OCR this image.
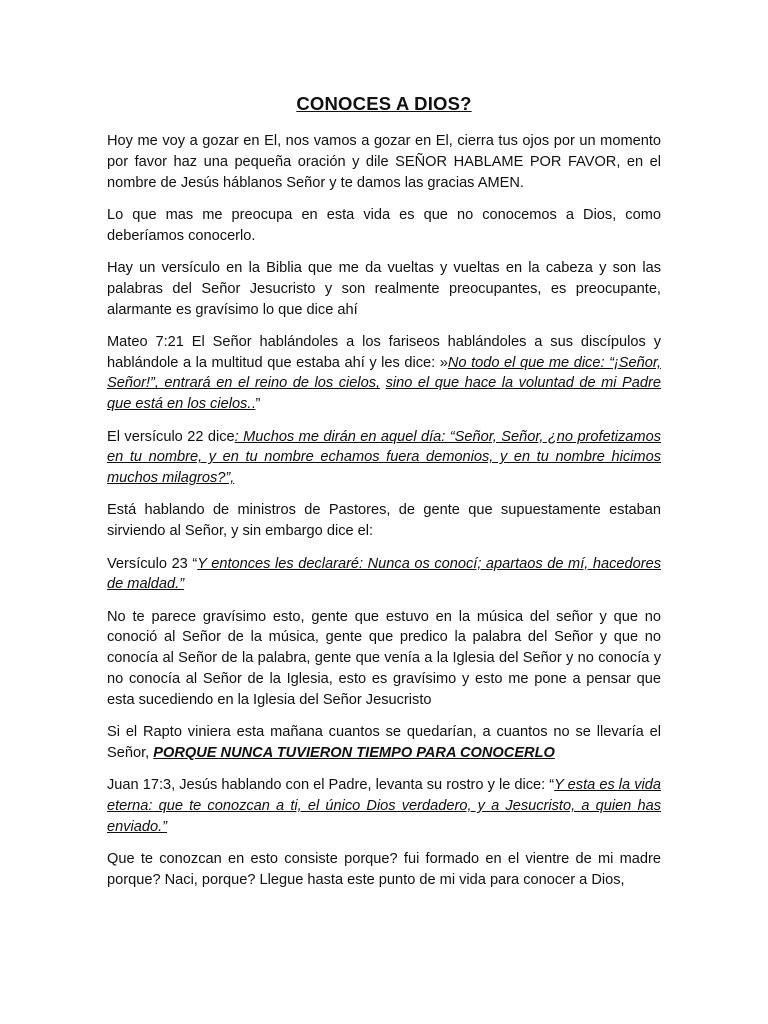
CONOCES A DIOS?

Hoy me voy a gozar en El, nos vamos a gozar en El, cierra tus ojos por un momento por favor haz una pequeña oración y dile SEÑOR HABLAME POR FAVOR, en el nombre de Jesús háblanos Señor y te damos las gracias AMEN.

Lo que mas me preocupa en esta vida es que no conocemos a Dios, como deberíamos conocerlo.

Hay un versículo en la Biblia que me da vueltas y vueltas en la cabeza y son las palabras del Señor Jesucristo y son realmente preocupantes, es preocupante, alarmante es gravísimo lo que dice ahí

Mateo 7:21 El Señor hablándoles a los fariseos hablándoles a sus discípulos y hablándole a la multitud que estaba ahí y les dice: »No todo el que me dice: “¡Señor, Señor!”, entrará en el reino de los cielos, sino el que hace la voluntad de mi Padre que está en los cielos..”

El versículo 22 dice: Muchos me dirán en aquel día: “Señor, Señor, ¿no profetizamos en tu nombre, y en tu nombre echamos fuera demonios, y en tu nombre hicimos muchos milagros?”,

Está hablando de ministros de Pastores, de gente que supuestamente estaban sirviendo al Señor, y sin embargo dice el:

Versículo 23 “Y entonces les declararé: Nunca os conocí; apartaos de mí, hacedores de maldad.”

No te parece gravísimo esto, gente que estuvo en la música del señor y que no conoció al Señor de la música, gente que predico la palabra del Señor y que no conocía al Señor de la palabra, gente que venía a la Iglesia del Señor y no conocía y no conocía al Señor de la Iglesia, esto es gravísimo y esto me pone a pensar que esta sucediendo en la Iglesia del Señor Jesucristo

Si el Rapto viniera esta mañana cuantos se quedarían, a cuantos no se llevaría el Señor, PORQUE NUNCA TUVIERON TIEMPO PARA CONOCERLO

Juan 17:3, Jesús hablando con el Padre, levanta su rostro y le dice: “Y esta es la vida eterna: que te conozcan a ti, el único Dios verdadero, y a Jesucristo, a quien has enviado.”

Que te conozcan en esto consiste porque? fui formado en el vientre de mi madre porque? Naci, porque? Llegue hasta este punto de mi vida para conocer a Dios,
